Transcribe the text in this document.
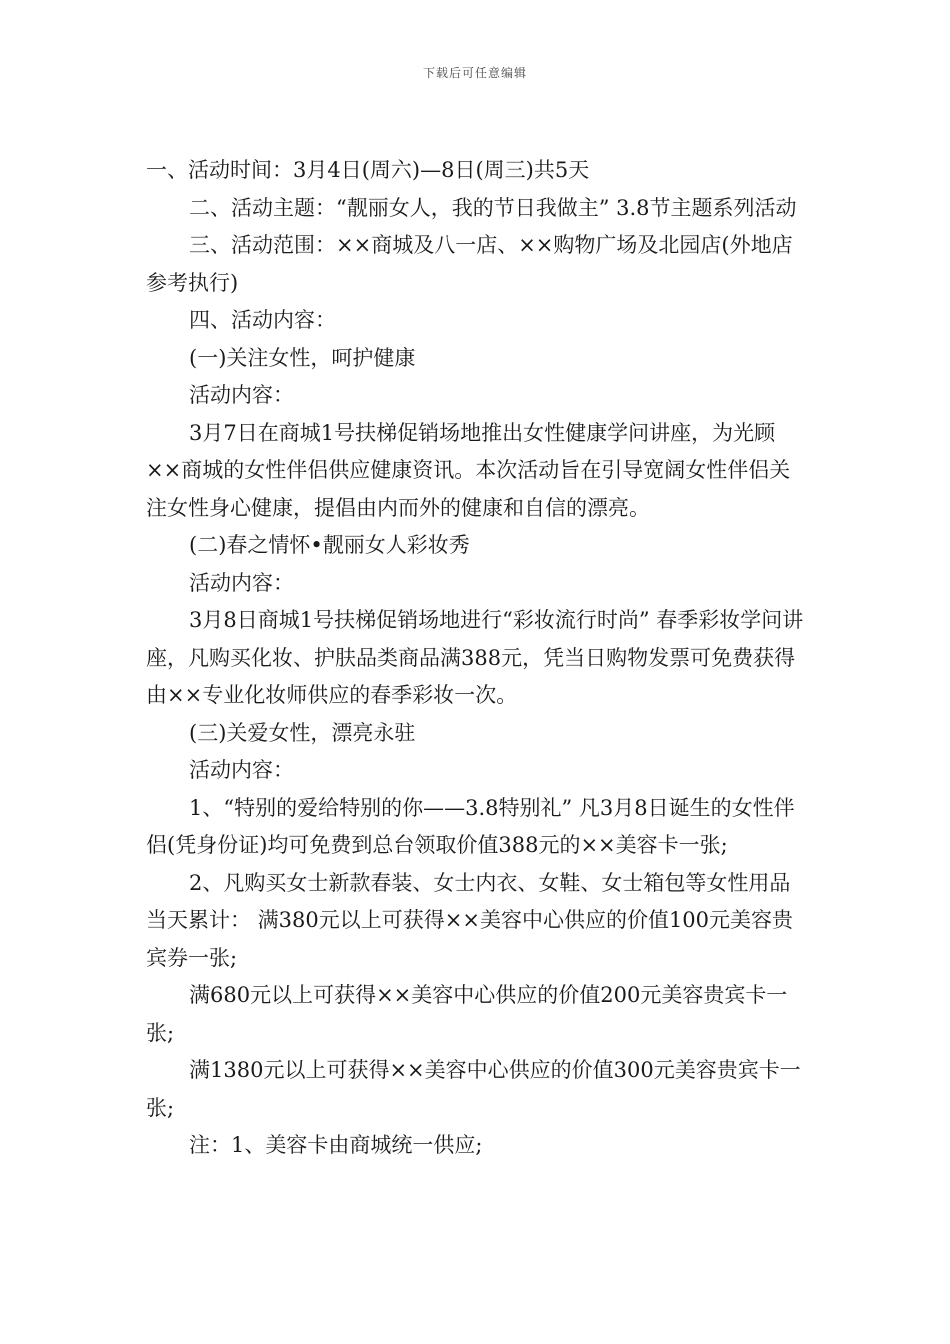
下载后可任意编辑

一、活动时间：3月4日(周六)—8日(周三)共5天

二、活动主题：“靓丽女人，我的节日我做主” 3.8节主题系列活动

三、活动范围：××商城及八一店、××购物广场及北园店(外地店参考执行)

四、活动内容：

(一)关注女性，呵护健康

活动内容：

3月7日在商城1号扶梯促销场地推出女性健康学问讲座，为光顾××商城的女性伴侣供应健康资讯。本次活动旨在引导宽阔女性伴侣关注女性身心健康，提倡由内而外的健康和自信的漂亮。

(二)春之情怀•靓丽女人彩妆秀

活动内容：

3月8日商城1号扶梯促销场地进行“彩妆流行时尚” 春季彩妆学问讲座，凡购买化妆、护肤品类商品满388元，凭当日购物发票可免费获得由××专业化妆师供应的春季彩妆一次。

(三)关爱女性，漂亮永驻

活动内容：

1、“特别的爱给特别的你——3.8特别礼” 凡3月8日诞生的女性伴侣(凭身份证)均可免费到总台领取价值388元的××美容卡一张;

2、凡购买女士新款春装、女士内衣、女鞋、女士箱包等女性用品当天累计： 满380元以上可获得××美容中心供应的价值100元美容贵宾券一张;

满680元以上可获得××美容中心供应的价值200元美容贵宾卡一张;

满1380元以上可获得××美容中心供应的价值300元美容贵宾卡一张;

注：1、美容卡由商城统一供应;
